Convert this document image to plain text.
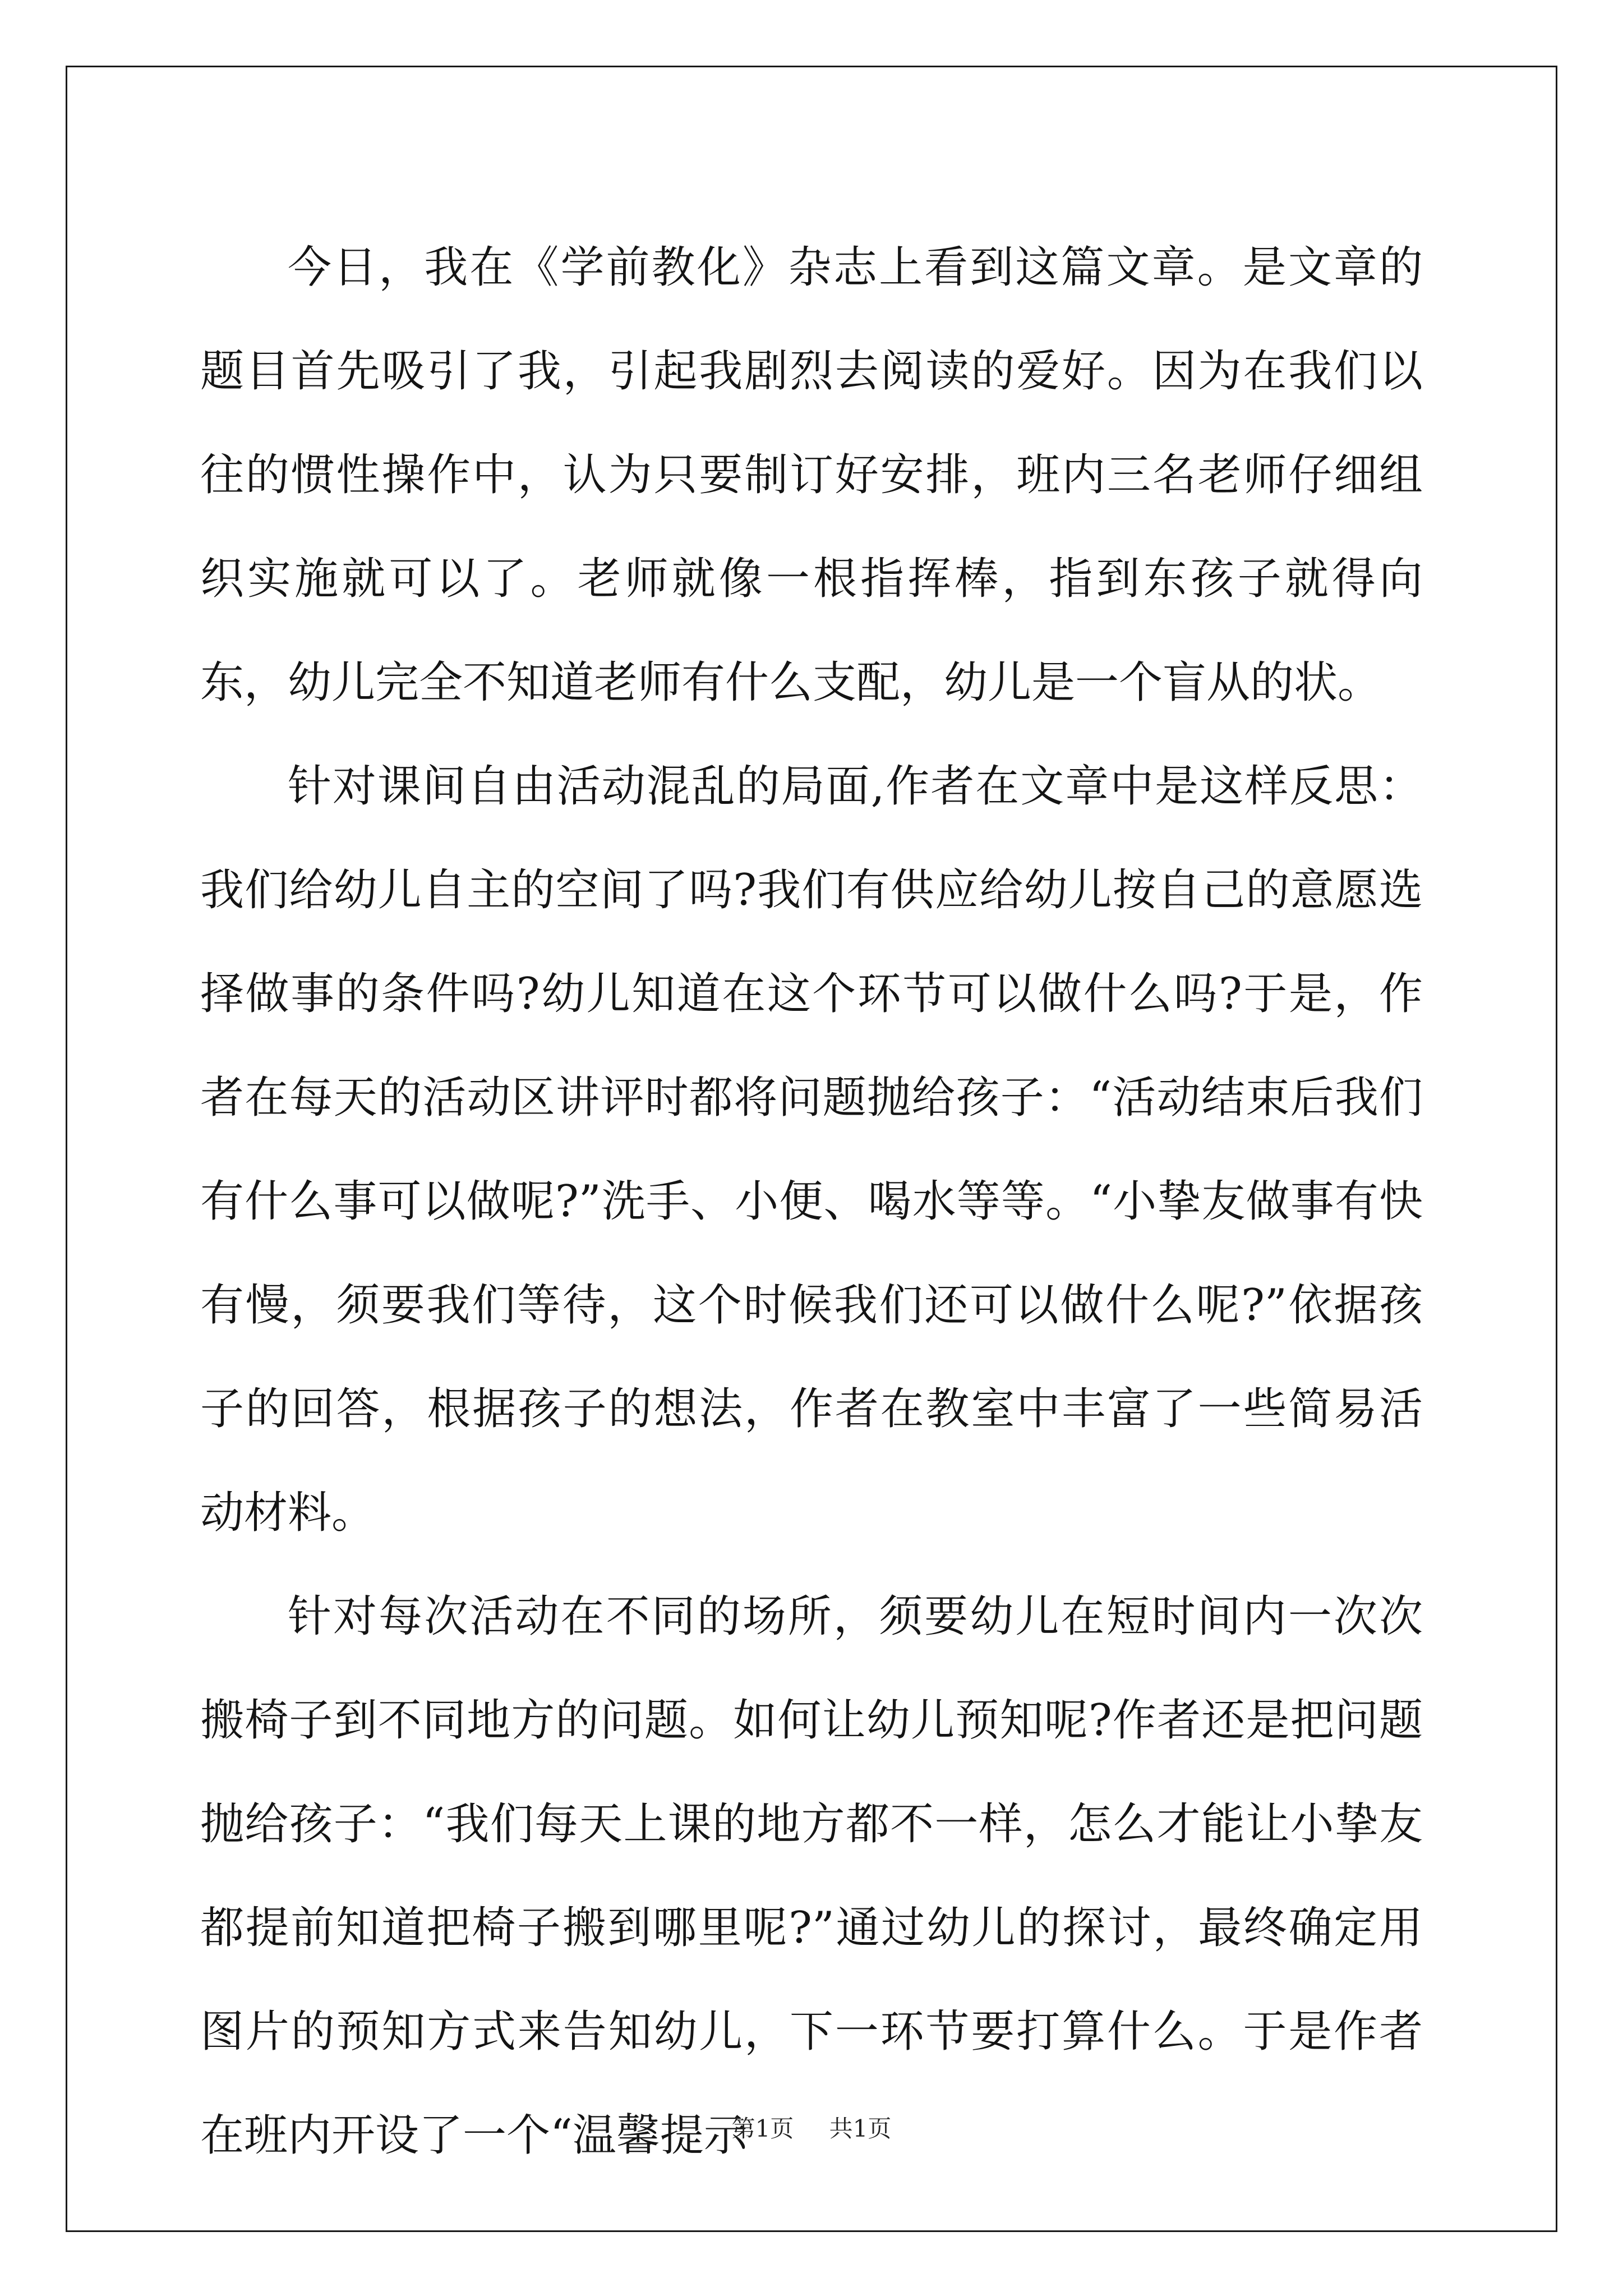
今日，我在《学前教化》杂志上看到这篇文章。是文章的题目首先吸引了我，引起我剧烈去阅读的爱好。因为在我们以往的惯性操作中，认为只要制订好安排，班内三名老师仔细组织实施就可以了。老师就像一根指挥棒，指到东孩子就得向东，幼儿完全不知道老师有什么支配，幼儿是一个盲从的状。

针对课间自由活动混乱的局面,作者在文章中是这样反思：我们给幼儿自主的空间了吗?我们有供应给幼儿按自己的意愿选择做事的条件吗?幼儿知道在这个环节可以做什么吗?于是，作者在每天的活动区讲评时都将问题抛给孩子：“活动结束后我们有什么事可以做呢?”洗手、小便、喝水等等。“小挚友做事有快有慢，须要我们等待，这个时候我们还可以做什么呢?”依据孩子的回答，根据孩子的想法，作者在教室中丰富了一些简易活动材料。

针对每次活动在不同的场所，须要幼儿在短时间内一次次搬椅子到不同地方的问题。如何让幼儿预知呢?作者还是把问题抛给孩子：“我们每天上课的地方都不一样，怎么才能让小挚友都提前知道把椅子搬到哪里呢?”通过幼儿的探讨，最终确定用图片的预知方式来告知幼儿，下一环节要打算什么。于是作者在班内开设了一个“温馨提示

第1页 共1页
